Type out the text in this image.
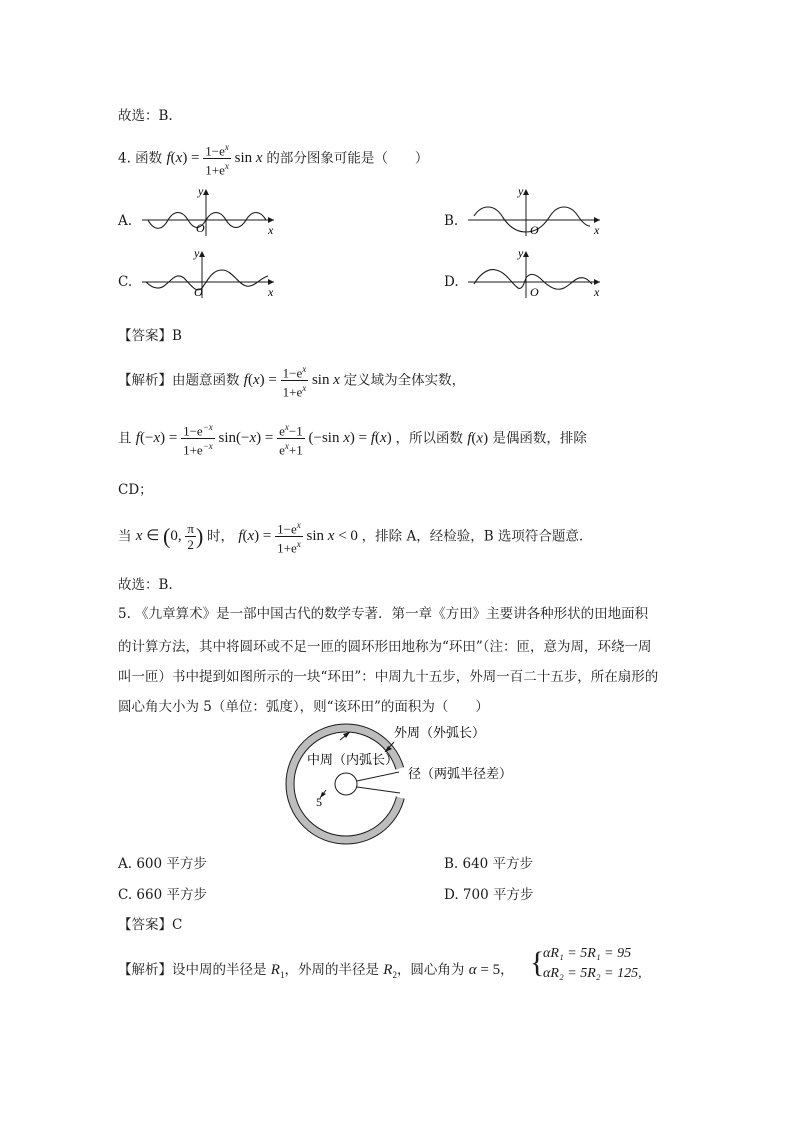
故选：B.
4. 函数 $f(x) = \frac{1-e^x}{1+e^x}$ sin x 的部分图象可能是（　　）
A.	B.
C.	D.
y
O	x
y
O	x
y
O	x
y
O	x
【答案】B
【解析】由题意函数 $f(x) = \frac{1-e^x}{1+e^x}$ sin x 定义域为全体实数，
且 $f(-x) = \frac{1-e^{-x}}{1+e^{-x}} \sin(-x) = \frac{e^x-1}{e^x+1} (-\sin$ x) = f(x) ，所以函数 f(x) 是偶函数，排除
CD；
当 x ∈ (0, $\frac{\pi}{2}$ ) 时， $f(x) = \frac{1-e^x}{1+e^x}$ sin x < 0 ，排除 A，经检验，B 选项符合题意.
故选：B.
5. 《九章算术》是一部中国古代的数学专著．第一章《方田》主要讲各种形状的田地面积
的计算方法，其中将圆环或不足一匝的圆环形田地称为“环田”（注：匝，意为周，环绕一周
叫一匝）书中提到如图所示的一块“环田”：中周九十五步，外周一百二十五步，所在扇形的
圆心角大小为 5（单位：弧度），则“该环田”的面积为（　　）
外周（外弧长）
中周（内弧长）
径（两弧半径差）
5
A. 600 平方步	B. 640 平方步
C. 660 平方步	D. 700 平方步
【答案】C
【解析】设中周的半径是 $R_1$，外周的半径是 $R_2$，圆心角为 α = 5， {
αR₁ = 5R₁ = 95
αR₂ = 5R₂ = 125,
